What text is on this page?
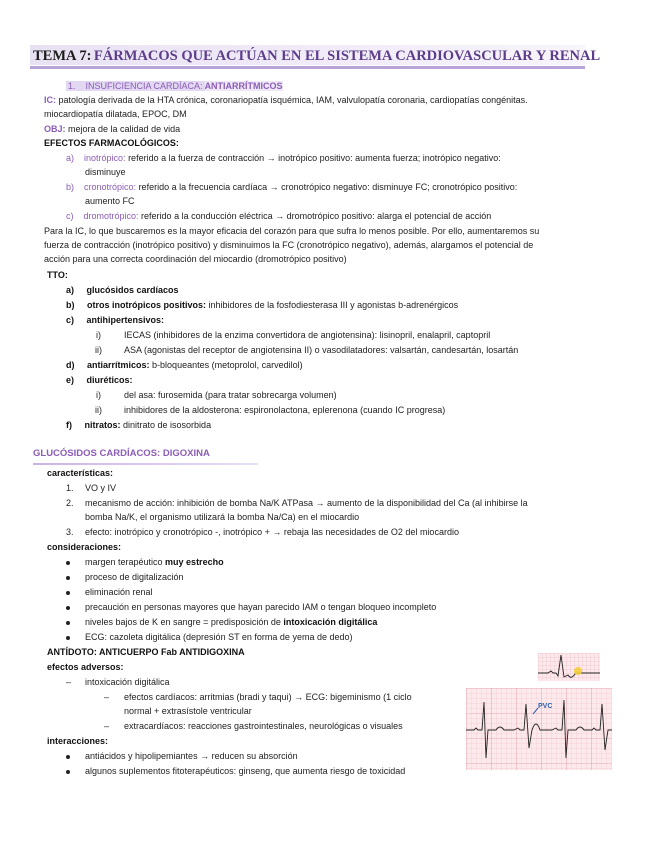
TEMA 7: FÁRMACOS QUE ACTÚAN EN EL SISTEMA CARDIOVASCULAR Y RENAL
1. INSUFICIENCIA CARDÍACA: ANTIARRÍTMICOS
IC: patología derivada de la HTA crónica, coronariopatía isquémica, IAM, valvulopatía coronaria, cardiopatías congénitas.
miocardiopatía dilatada, EPOC, DM
OBJ: mejora de la calidad de vida
EFECTOS FARMACOLÓGICOS:
a) inotrópico: referido a la fuerza de contracción → inotrópico positivo: aumenta fuerza; inotrópico negativo:
disminuye
b) cronotrópico: referido a la frecuencia cardíaca → cronotrópico negativo: disminuye FC; cronotrópico positivo:
aumento FC
c) dromotrópico: referido a la conducción eléctrica → dromotrópico positivo: alarga el potencial de acción
Para la IC, lo que buscaremos es la mayor eficacia del corazón para que sufra lo menos posible. Por ello, aumentaremos su
fuerza de contracción (inotrópico positivo) y disminuimos la FC (cronotrópico negativo), además, alargamos el potencial de
acción para una correcta coordinación del miocardio (dromotrópico positivo)
TTO:
a) glucósidos cardíacos
b) otros inotrópicos positivos: inhibidores de la fosfodiesterasa III y agonistas b-adrenérgicos
c) antihipertensivos:
i)	IECAS (inhibidores de la enzima convertidora de angiotensina): lisinopril, enalapril, captopril
ii) ASA (agonistas del receptor de angiotensina II) o vasodilatadores: valsartán, candesartán, losartán
d) antiarrítmicos: b-bloqueantes (metoprolol, carvedilol)
e) diuréticos:
i)	del asa: furosemida (para tratar sobrecarga volumen)
ii) inhibidores de la aldosterona: espironolactona, eplerenona (cuando IC progresa)
f) nitratos: dinitrato de isosorbida
GLUCÓSIDOS CARDÍACOS: DIGOXINA
características:
1. VO y IV
2. mecanismo de acción: inhibición de bomba Na/K ATPasa → aumento de la disponibilidad del Ca (al inhibirse la
bomba Na/K, el organismo utilizará la bomba Na/Ca) en el miocardio
3. efecto: inotrópico y cronotrópico -, inotrópico + → rebaja las necesidades de O2 del miocardio
consideraciones:
margen terapéutico muy estrecho
proceso de digitalización
eliminación renal
precaución en personas mayores que hayan parecido IAM o tengan bloqueo incompleto
niveles bajos de K en sangre = predisposición de intoxicación digitálica
ECG: cazoleta digitálica (depresión ST en forma de yema de dedo)
ANTÍDOTO: ANTICUERPO Fab ANTIDIGOXINA
efectos adversos:
– intoxicación digitálica
– efectos cardíacos: arritmias (bradi y taqui) → ECG: bigeminismo (1 ciclo
normal + extrasístole ventricular
– extracardíacos: reacciones gastrointestinales, neurológicas o visuales
interacciones:
antiácidos y hipolipemiantes → reducen su absorción
algunos suplementos fitoterapéuticos: ginseng, que aumenta riesgo de toxicidad
PVC
